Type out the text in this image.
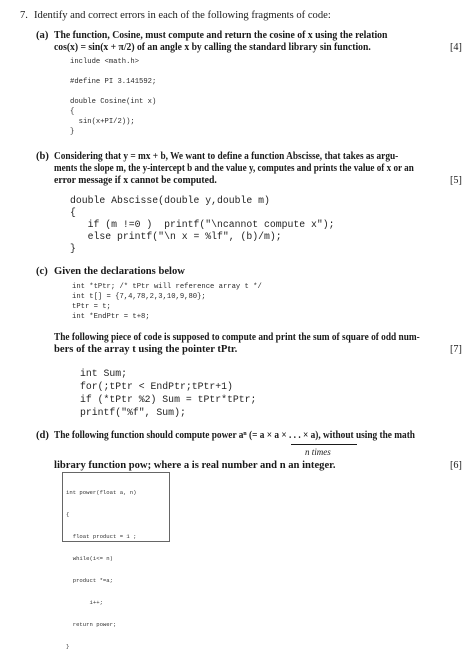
7. Identify and correct errors in each of the following fragments of code:
(a) The function, Cosine, must compute and return the cosine of x using the relation
cos(x) = sin(x + π/2) of an angle x by calling the standard library sin function.	[4]
include <math.h>
#define PI 3.141592;
double Cosine(int x)
{
sin(x+PI/2));
}
(b) Considering that y = mx + b, We want to define a function Abscisse, that takes as argu-
ments the slope m, the y-intercept b and the value y, computes and prints the value of x or an
error message if x cannot be computed.	[5]
double Abscisse(double y,double m)
{
if (m !=0 )  printf("\ncannot compute x");
else printf("\n x = %lf", (b)/m);
}
(c) Given the declarations below
int *tPtr; /* tPtr will reference array t */
int t[] = {7,4,78,2,3,10,9,80};
tPtr = t;
int *EndPtr = t+8;
The following piece of code is supposed to compute and print the sum of square of odd num-
bers of the array t using the pointer tPtr.	[7]
int Sum;
for(;tPtr < EndPtr;tPtr+1)
if (*tPtr %2) Sum = tPtr*tPtr;
printf("%f", Sum);
(d) The following function should compute power aⁿ (= a × a × . . . × a), without using the math
n times
library function pow; where a is real number and n an integer.	[6]

int power(float a, n)

{

float product = 1 ;

while(i<= n)

product *=a;

i++;

return power;

}
